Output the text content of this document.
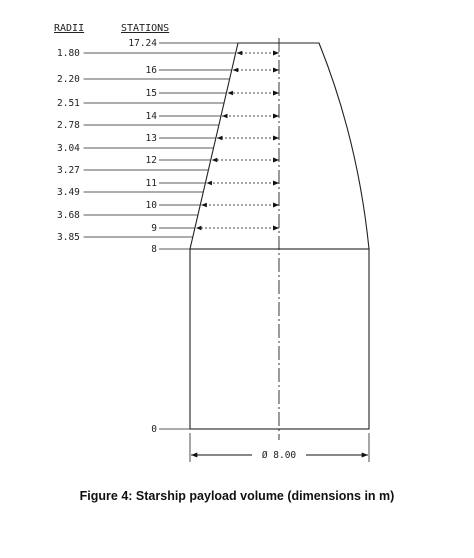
RADII	STATIONS
Ø 8.00
1.80
2.20
2.51
2.78
3.04
3.27
3.49
3.68
3.85
17.24
16
15
14
13
12
11
10
9
8
0
Figure 4: Starship payload volume (dimensions in m)
